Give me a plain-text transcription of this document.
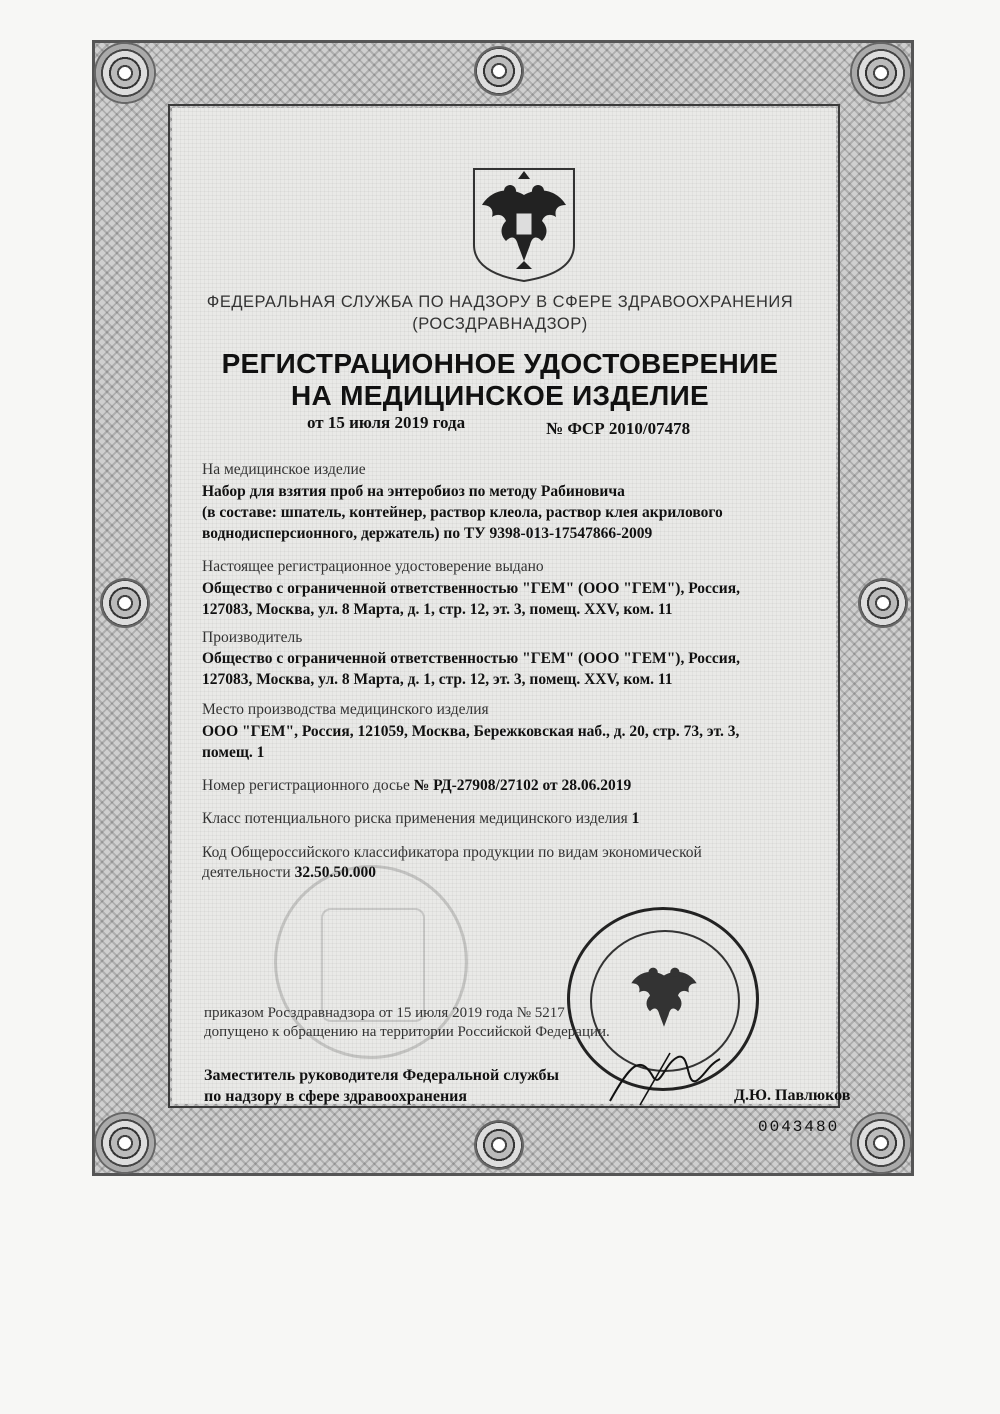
ФЕДЕРАЛЬНАЯ СЛУЖБА ПО НАДЗОРУ В СФЕРЕ ЗДРАВООХРАНЕНИЯ
(РОСЗДРАВНАДЗОР)
РЕГИСТРАЦИОННОЕ УДОСТОВЕРЕНИЕ
НА МЕДИЦИНСКОЕ ИЗДЕЛИЕ
от 15 июля 2019 года	№ ФСР 2010/07478
На медицинское изделие
Набор для взятия проб на энтеробиоз по методу Рабиновича
(в составе: шпатель, контейнер, раствор клеола, раствор клея акрилового
воднодисперсионного, держатель) по ТУ 9398-013-17547866-2009
Настоящее регистрационное удостоверение выдано
Общество с ограниченной ответственностью "ГЕМ" (ООО "ГЕМ"), Россия,
127083, Москва, ул. 8 Марта, д. 1, стр. 12, эт. 3, помещ. XXV, ком. 11
Производитель
Общество с ограниченной ответственностью "ГЕМ" (ООО "ГЕМ"), Россия,
127083, Москва, ул. 8 Марта, д. 1, стр. 12, эт. 3, помещ. XXV, ком. 11
Место производства медицинского изделия
ООО "ГЕМ", Россия, 121059, Москва, Бережковская наб., д. 20, стр. 73, эт. 3,
помещ. 1
Номер регистрационного досье № РД-27908/27102 от 28.06.2019
Класс потенциального риска применения медицинского изделия 1
Код Общероссийского классификатора продукции по видам экономической
деятельности 32.50.50.000
приказом Росздравнадзора от 15 июля 2019 года № 5217
допущено к обращению на территории Российской Федерации.
Заместитель руководителя Федеральной службы
по надзору в сфере здравоохранения	Д.Ю. Павлюков
0043480
